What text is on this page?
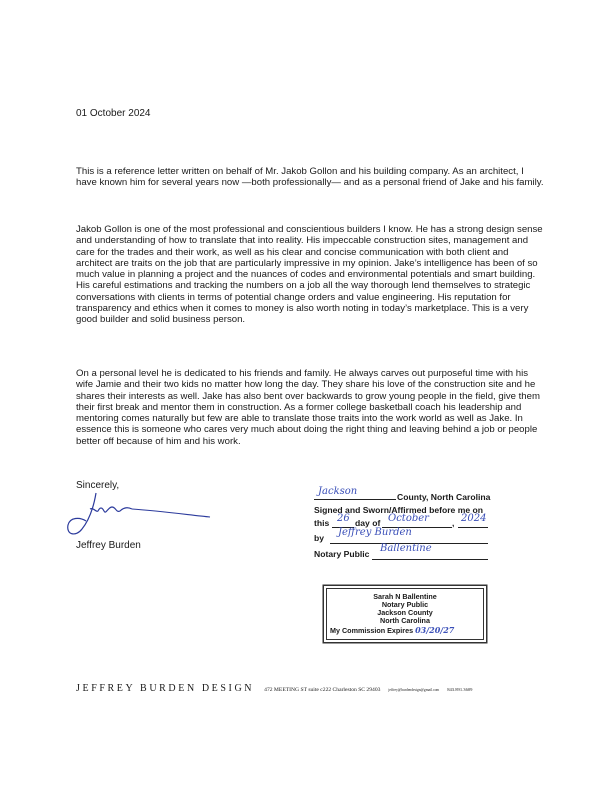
01 October 2024

This is a reference letter written on behalf of Mr. Jakob Gollon and his building company. As an architect, I have known him for several years now —both professionally— and as a personal friend of Jake and his family.

Jakob Gollon is one of the most professional and conscientious builders I know. He has a strong design sense and understanding of how to translate that into reality. His impeccable construction sites, management and care for the trades and their work, as well as his clear and concise communication with both client and architect are traits on the job that are particularly impressive in my opinion. Jake’s intelligence has been of so much value in planning a project and the nuances of codes and environmental potentials and smart building. His careful estimations and tracking the numbers on a job all the way thorough lend themselves to strategic conversations with clients in terms of potential change orders and value engineering. His reputation for transparency and ethics when it comes to money is also worth noting in today’s marketplace. This is a very good builder and solid business person.

On a personal level he is dedicated to his friends and family. He always carves out purposeful time with his wife Jamie and their two kids no matter how long the day. They share his love of the construction site and he shares their interests as well. Jake has also bent over backwards to grow young people in the field, give them their first break and mentor them in construction. As a former college basketball coach his leadership and mentoring comes naturally but few are able to translate those traits into the work world as well as Jake. In essence this is someone who cares very much about doing the right thing and leaving behind a job or people better off because of him and his work.

Sincerely,
Jeffrey Burden
Jackson	County, North Carolina
Signed and Sworn/Affirmed before me on
this 26 day of October	, 2024
by Jeffrey Burden
Notary Public Ballentine
Sarah N Ballentine
Notary Public
Jackson County
North Carolina
My Commission Expires 03/20/27
JEFFREY BURDEN DESIGN 472 MEETING ST suite c222 Charleston SC 29403 jeffrey@burdendesign@gmail.com 843.891.3609
